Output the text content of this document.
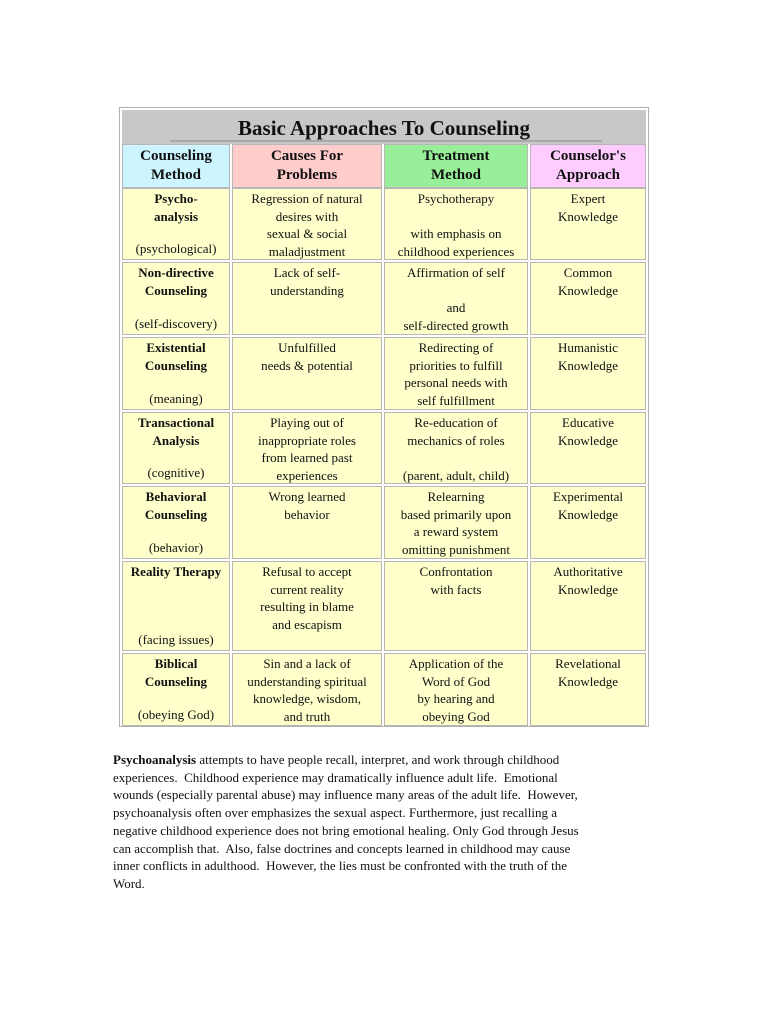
Basic Approaches To Counseling
Counseling
Method
Causes For
Problems
Treatment
Method
Counselor's
Approach
Psycho-
analysis
(psychological)
Regression of natural
desires with
sexual & social
maladjustment
Psychotherapy
with emphasis on
childhood experiences
Expert
Knowledge
Non-directive
Counseling
(self-discovery)
Lack of self-
understanding
Affirmation of self
and
self-directed growth
Common
Knowledge
Existential
Counseling
(meaning)
Unfulfilled
needs & potential
Redirecting of
priorities to fulfill
personal needs with
self fulfillment
Humanistic
Knowledge
Transactional
Analysis
(cognitive)
Playing out of
inappropriate roles
from learned past
experiences
Re-education of
mechanics of roles
(parent, adult, child)
Educative
Knowledge
Behavioral
Counseling
(behavior)
Wrong learned
behavior
Relearning
based primarily upon
a reward system
omitting punishment
Experimental
Knowledge
Reality Therapy
(facing issues)
Refusal to accept
current reality
resulting in blame
and escapism
Confrontation
with facts
Authoritative
Knowledge
Biblical
Counseling
(obeying God)
Sin and a lack of
understanding spiritual
knowledge, wisdom,
and truth
Application of the
Word of God
by hearing and
obeying God
Revelational
Knowledge
Psychoanalysis attempts to have people recall, interpret, and work through childhood
experiences.  Childhood experience may dramatically influence adult life.  Emotional
wounds (especially parental abuse) may influence many areas of the adult life.  However,
psychoanalysis often over emphasizes the sexual aspect. Furthermore, just recalling a
negative childhood experience does not bring emotional healing. Only God through Jesus
can accomplish that.  Also, false doctrines and concepts learned in childhood may cause
inner conflicts in adulthood.  However, the lies must be confronted with the truth of the
Word.
